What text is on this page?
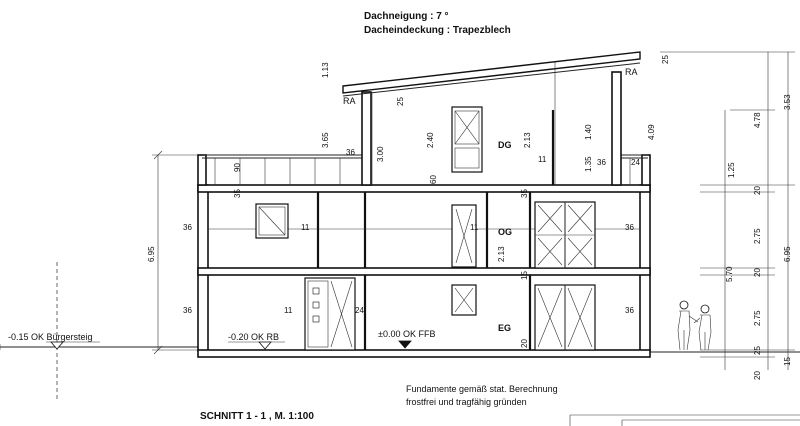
Dachneigung : 7 °
Dacheindeckung : Trapezblech
-0.15 OK Bürgersteig	-0.20 OK RB	±0.00 OK FFB
RA
RA
DG
OG
EG
36
36
36
36
36
36
11
11
11
11
24
24
90
35
60
35
15
20
1.13
25
3.65
3.00
2.40	2.13
2.13
1.40
1.35
4.09
25
6.95
3.53
4.78
1.25
20
2.75
20
2.75
25
20
5.70
6.95
15
Fundamente gemäß stat. Berechnung
frostfrei und tragfähig gründen
SCHNITT 1 - 1 , M. 1:100
